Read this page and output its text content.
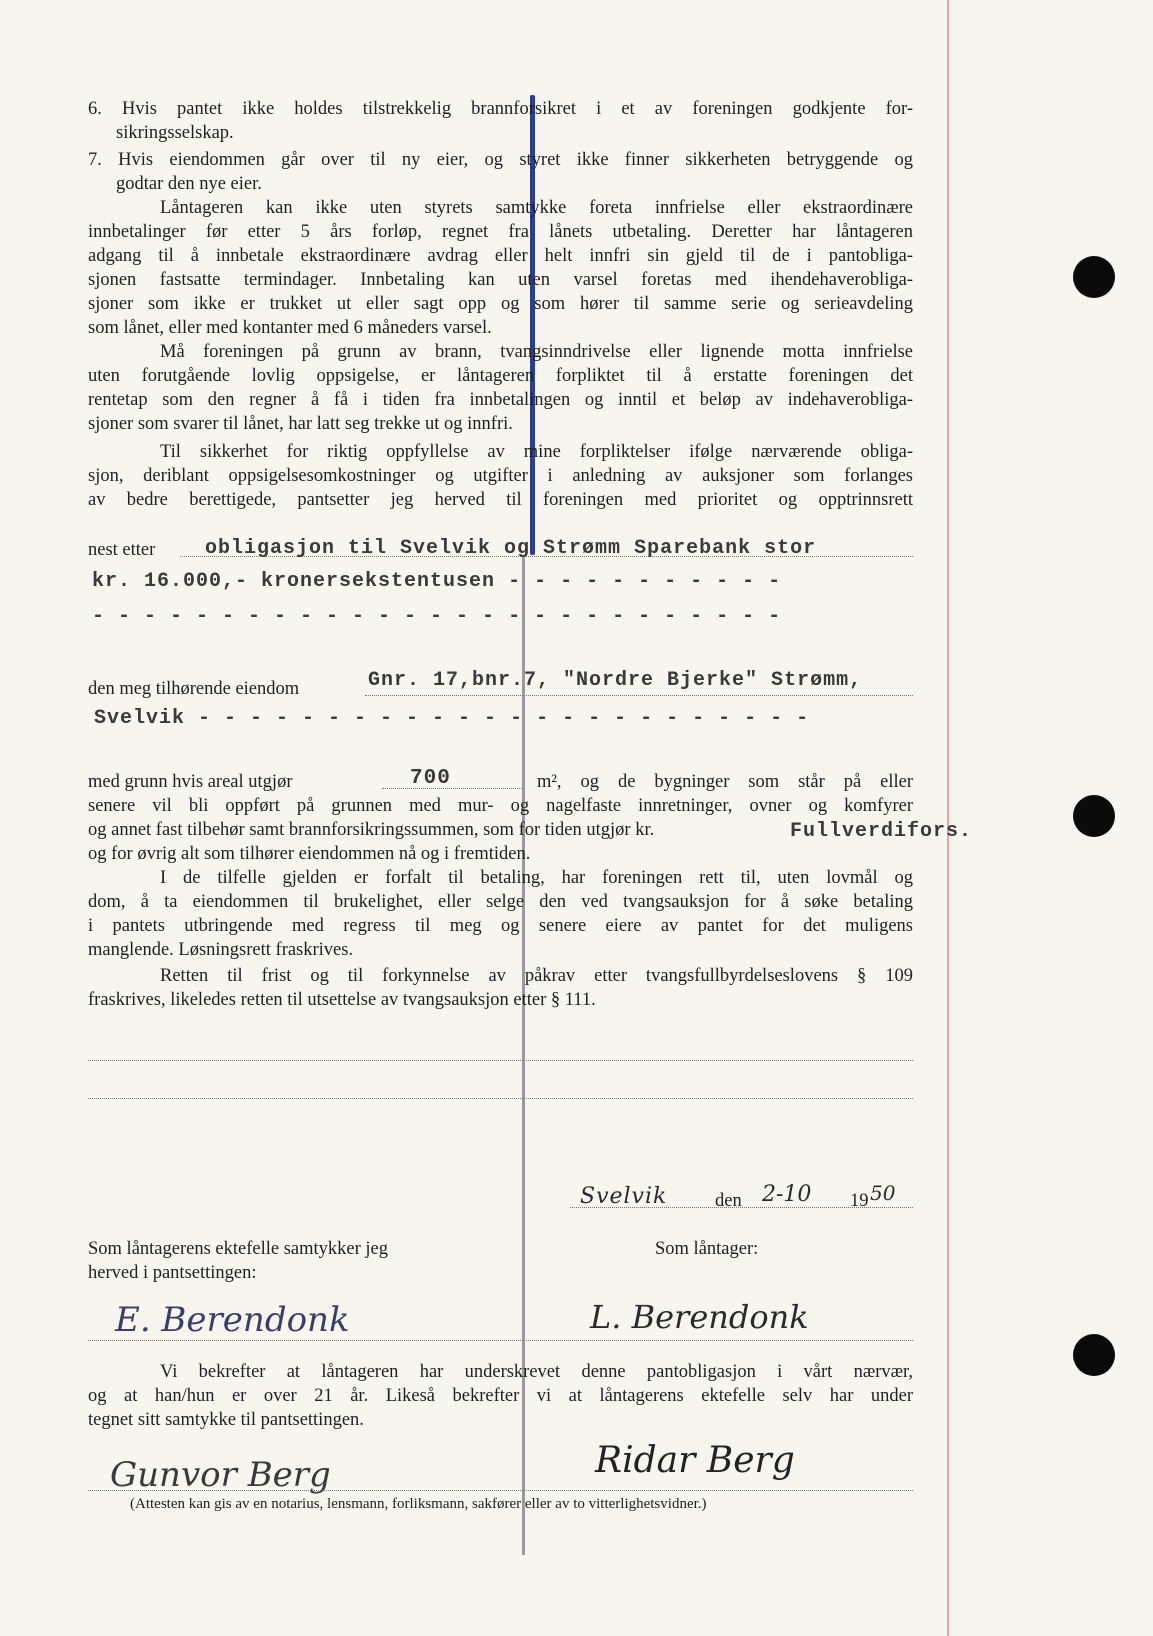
6. Hvis pantet ikke holdes tilstrekkelig brannforsikret i et av foreningen godkjente for-
sikringsselskap.
7. Hvis eiendommen går over til ny eier, og styret ikke finner sikkerheten betryggende og
godtar den nye eier.
Låntageren kan ikke uten styrets samtykke foreta innfrielse eller ekstraordinære
innbetalinger før etter 5 års forløp, regnet fra lånets utbetaling. Deretter har låntageren
adgang til å innbetale ekstraordinære avdrag eller helt innfri sin gjeld til de i pantobliga-
sjonen fastsatte termindager. Innbetaling kan uten varsel foretas med ihendehaverobliga-
sjoner som ikke er trukket ut eller sagt opp og som hører til samme serie og serieavdeling
som lånet, eller med kontanter med 6 måneders varsel.
Må foreningen på grunn av brann, tvangsinndrivelse eller lignende motta innfrielse
uten forutgående lovlig oppsigelse, er låntageren forpliktet til å erstatte foreningen det
rentetap som den regner å få i tiden fra innbetalingen og inntil et beløp av indehaverobliga-
sjoner som svarer til lånet, har latt seg trekke ut og innfri.
Til sikkerhet for riktig oppfyllelse av mine forpliktelser ifølge nærværende obliga-
sjon, deriblant oppsigelsesomkostninger og utgifter i anledning av auksjoner som forlanges
av bedre berettigede, pantsetter jeg herved til foreningen med prioritet og opptrinnsrett
nest etter obligasjon til Svelvik og Strømm Sparebank stor
kr. 16.000,- kronersekstentusen - - - - - - - - - - -
- - - - - - - - - - - - - - - - - - - - - - - - - - -
den meg tilhørende eiendom	Gnr. 17,bnr.7, "Nordre Bjerke" Strømm,
Svelvik - - - - - - - - - - - - - - - - - - - - - - - -
med grunn hvis areal utgjør	700	m², og de bygninger som står på eller
senere vil bli oppført på grunnen med mur- og nagelfaste innretninger, ovner og komfyrer
og annet fast tilbehør samt brannforsikringssummen, som for tiden utgjør kr.	Fullverdifors.
og for øvrig alt som tilhører eiendommen nå og i fremtiden.
I de tilfelle gjelden er forfalt til betaling, har foreningen rett til, uten lovmål og
dom, å ta eiendommen til brukelighet, eller selge den ved tvangsauksjon for å søke betaling
i pantets utbringende med regress til meg og senere eiere av pantet for det muligens
manglende. Løsningsrett fraskrives.
Retten til frist og til forkynnelse av påkrav etter tvangsfullbyrdelseslovens § 109
fraskrives, likeledes retten til utsettelse av tvangsauksjon etter § 111.
Svelvik	den 2-10 19 50
Som låntagerens ektefelle samtykker jeg
herved i pantsettingen:
Som låntager:
E. Berendonk	L. Berendonk
Vi bekrefter at låntageren har underskrevet denne pantobligasjon i vårt nærvær,
og at han/hun er over 21 år. Likeså bekrefter vi at låntagerens ektefelle selv har under
tegnet sitt samtykke til pantsettingen.
Gunvor Berg	Ridar Berg
(Attesten kan gis av en notarius, lensmann, forliksmann, sakfører eller av to vitterlighetsvidner.)
